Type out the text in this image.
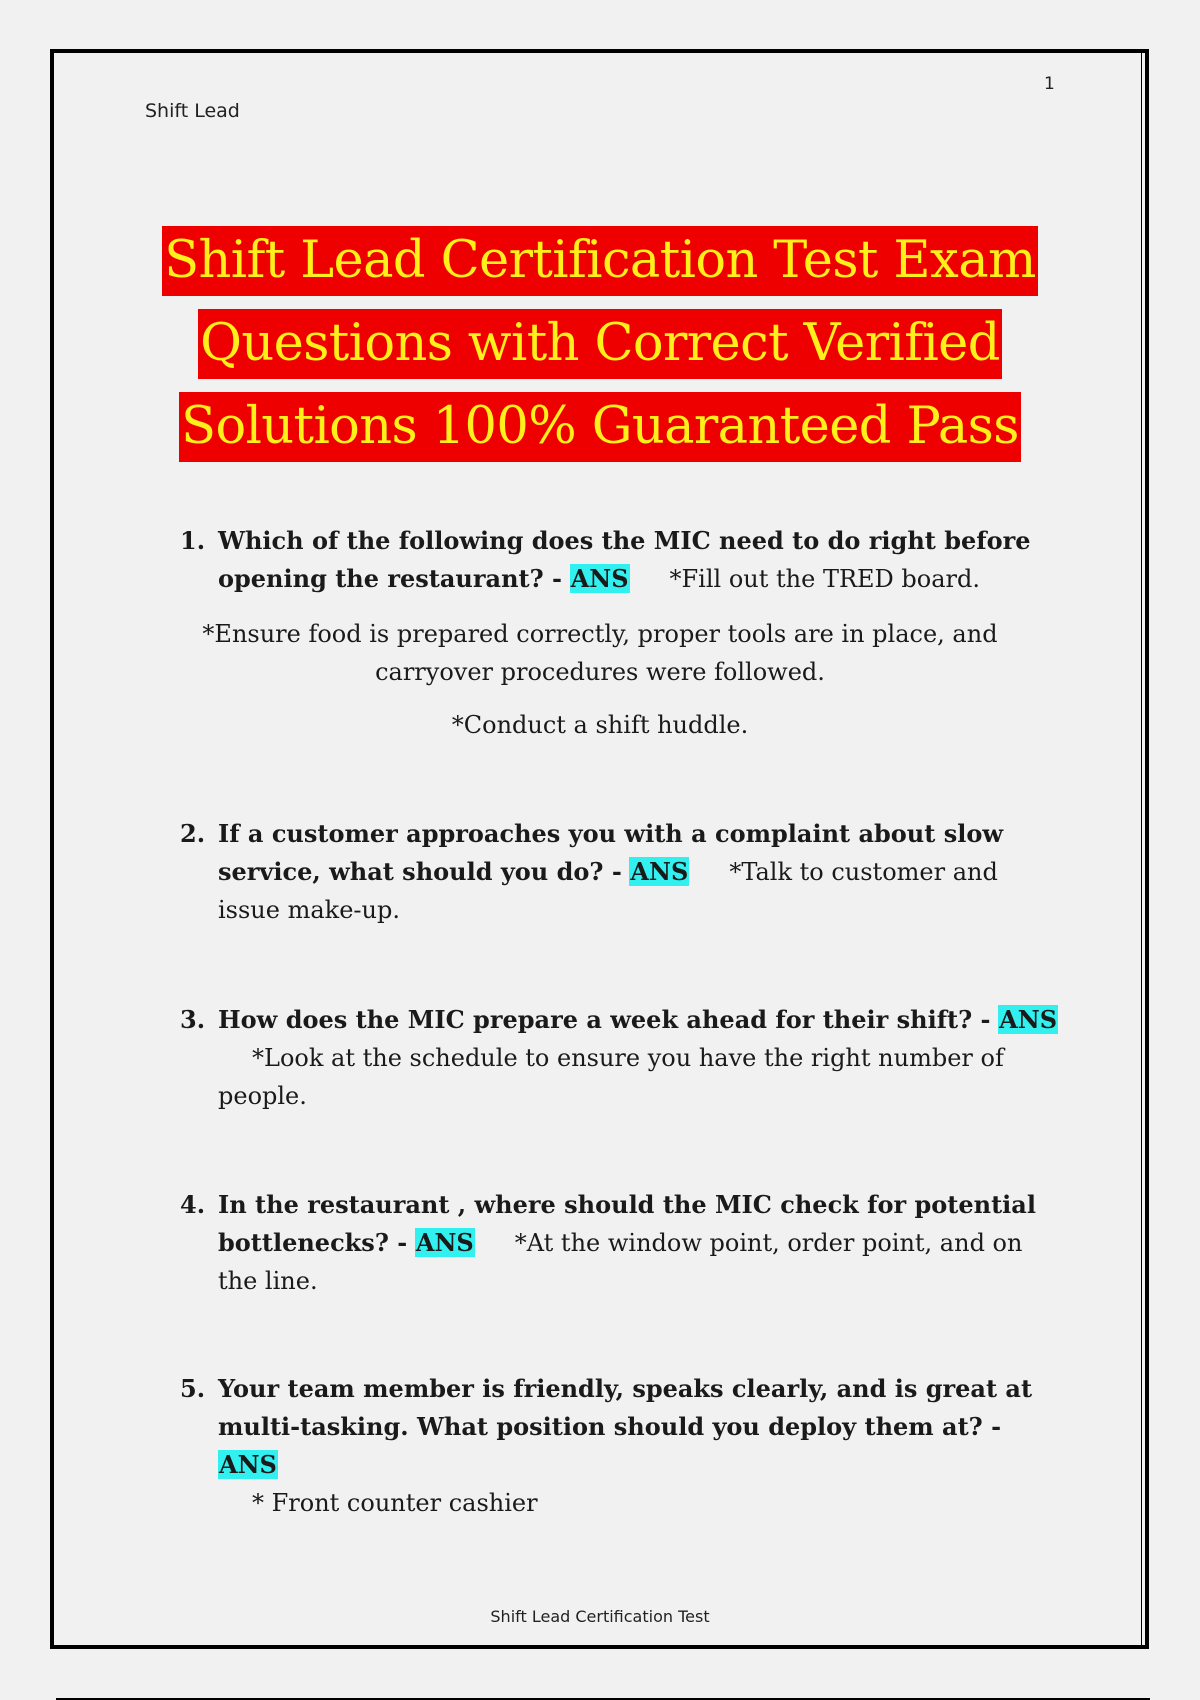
Shift Lead
1
Shift Lead Certification Test Exam
Questions with Correct Verified
Solutions 100% Guaranteed Pass
1. Which of the following does the MIC need to do right before opening the restaurant? - ANS *Fill out the TRED board.
*Ensure food is prepared correctly, proper tools are in place, and carryover procedures were followed.
*Conduct a shift huddle.
2. If a customer approaches you with a complaint about slow service, what should you do? - ANS *Talk to customer and issue make-up.
3. How does the MIC prepare a week ahead for their shift? - ANS
*Look at the schedule to ensure you have the right number of people.
4. In the restaurant , where should the MIC check for potential bottlenecks? - ANS *At the window point, order point, and on the line.
5. Your team member is friendly, speaks clearly, and is great at multi-tasking. What position should you deploy them at? - ANS
* Front counter cashier
Shift Lead Certification Test
